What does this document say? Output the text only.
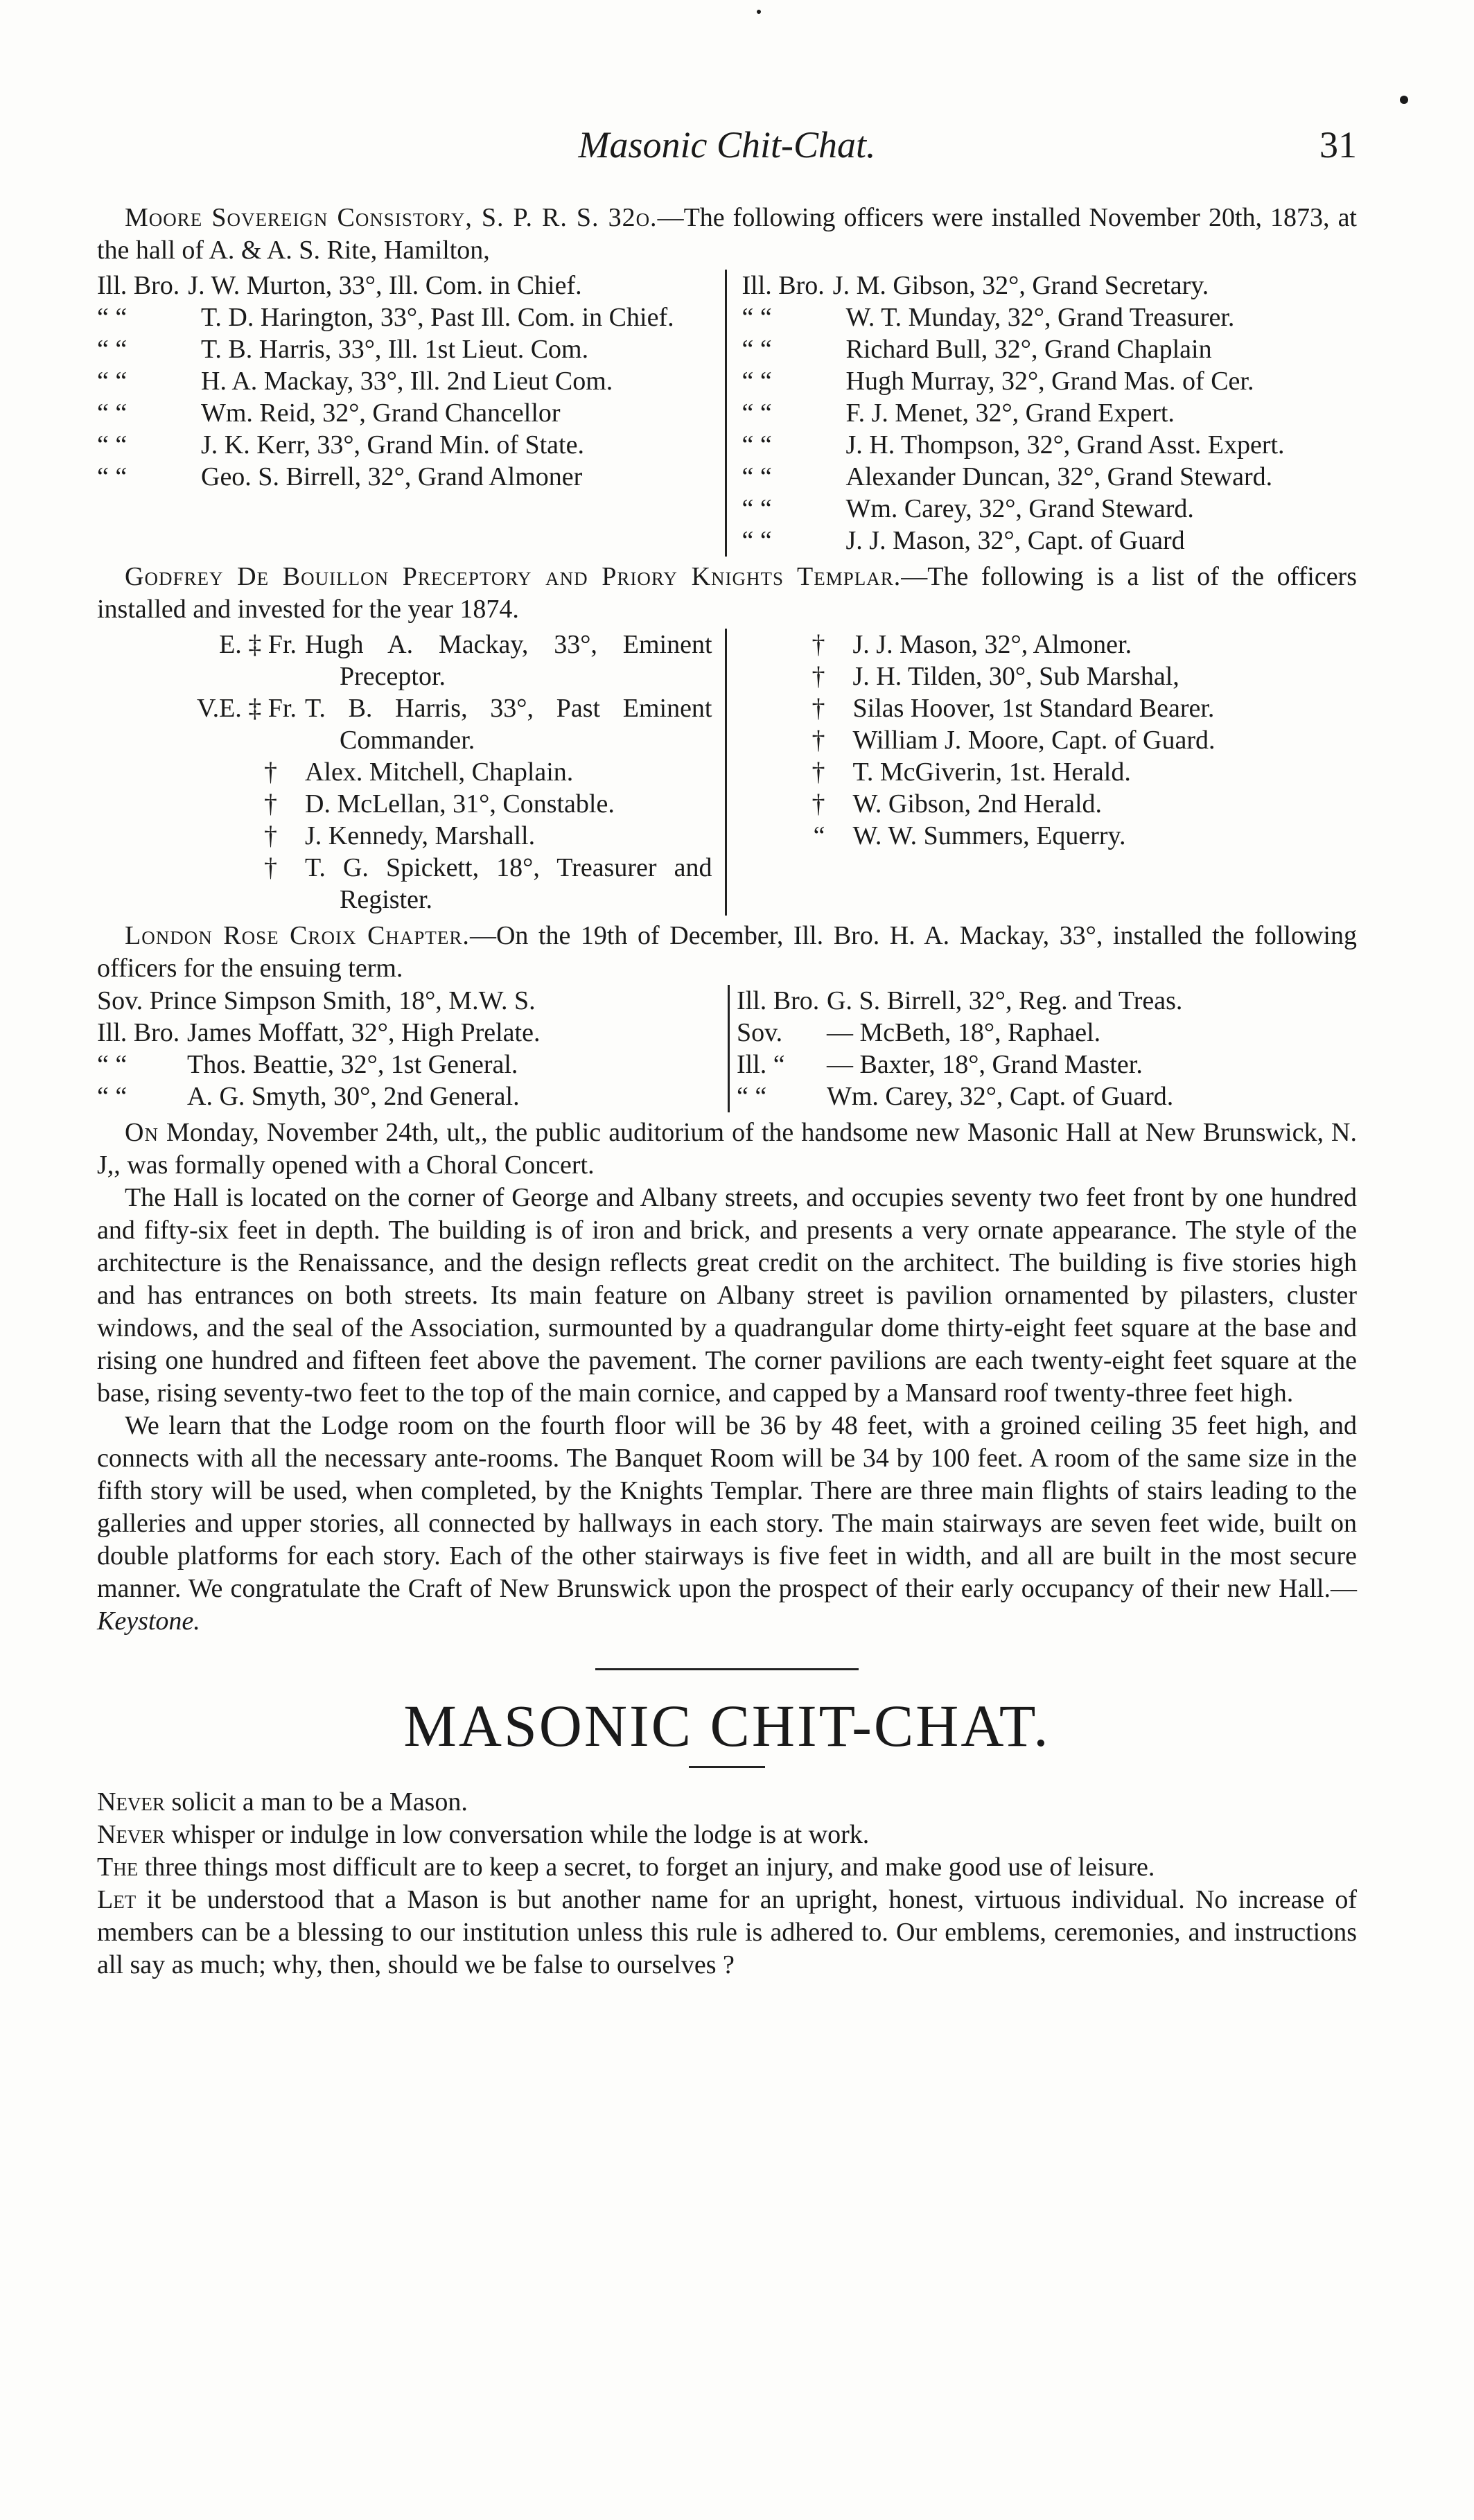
Masonic Chit-Chat.	31

Moore Sovereign Consistory, S. P. R. S. 32o.—The following officers were installed November 20th, 1873, at the hall of A. & A. S. Rite, Hamilton,

Ill. Bro. J. W. Murton, 33°, Ill. Com. in Chief.
“ “	T. D. Harington, 33°, Past Ill. Com. in Chief.
“ “	T. B. Harris, 33°, Ill. 1st Lieut. Com.
“ “	H. A. Mackay, 33°, Ill. 2nd Lieut Com.
“ “	Wm. Reid, 32°, Grand Chancellor
“ “	J. K. Kerr, 33°, Grand Min. of State.
“ “	Geo. S. Birrell, 32°, Grand Almoner
Ill. Bro. J. M. Gibson, 32°, Grand Secretary.
“ “	W. T. Munday, 32°, Grand Treasurer.
“ “	Richard Bull, 32°, Grand Chaplain
“ “	Hugh Murray, 32°, Grand Mas. of Cer.
“ “	F. J. Menet, 32°, Grand Expert.
“ “	J. H. Thompson, 32°, Grand Asst. Expert.
“ “	Alexander Duncan, 32°, Grand Steward.
“ “	Wm. Carey, 32°, Grand Steward.
“ “	J. J. Mason, 32°, Capt. of Guard

Godfrey De Bouillon Preceptory and Priory Knights Templar.—The following is a list of the officers installed and invested for the year 1874.

E. ‡ Fr. Hugh A. Mackay, 33°, Eminent Preceptor.
V.E. ‡ Fr. T. B. Harris, 33°, Past Eminent Commander.
†	Alex. Mitchell, Chaplain.
†	D. McLellan, 31°, Constable.
†	J. Kennedy, Marshall.
†	T. G. Spickett, 18°, Treasurer and Register.
†	J. J. Mason, 32°, Almoner.
†	J. H. Tilden, 30°, Sub Marshal,
†	Silas Hoover, 1st Standard Bearer.
†	William J. Moore, Capt. of Guard.
†	T. McGiverin, 1st. Herald.
†	W. Gibson, 2nd Herald.
“	W. W. Summers, Equerry.

London Rose Croix Chapter.—On the 19th of December, Ill. Bro. H. A. Mackay, 33°, installed the following officers for the ensuing term.

Sov. Prince Simpson Smith, 18°, M.W. S.
Ill. Bro. James Moffatt, 32°, High Prelate.
“ “	Thos. Beattie, 32°, 1st General.
“ “	A. G. Smyth, 30°, 2nd General.
Ill. Bro. G. S. Birrell, 32°, Reg. and Treas.
Sov.	— McBeth, 18°, Raphael.
Ill. “	— Baxter, 18°, Grand Master.
“ “	Wm. Carey, 32°, Capt. of Guard.

On Monday, November 24th, ult,, the public auditorium of the handsome new Masonic Hall at New Brunswick, N. J,, was formally opened with a Choral Concert.

The Hall is located on the corner of George and Albany streets, and occupies seventy two feet front by one hundred and fifty-six feet in depth. The building is of iron and brick, and presents a very ornate appearance. The style of the architecture is the Renaissance, and the design reflects great credit on the architect. The building is five stories high and has entrances on both streets. Its main feature on Albany street is pavilion ornamented by pilasters, cluster windows, and the seal of the Association, surmounted by a quadrangular dome thirty-eight feet square at the base and rising one hundred and fifteen feet above the pavement. The corner pavilions are each twenty-eight feet square at the base, rising seventy-two feet to the top of the main cornice, and capped by a Mansard roof twenty-three feet high.

We learn that the Lodge room on the fourth floor will be 36 by 48 feet, with a groined ceiling 35 feet high, and connects with all the necessary ante-rooms. The Banquet Room will be 34 by 100 feet. A room of the same size in the fifth story will be used, when completed, by the Knights Templar. There are three main flights of stairs leading to the galleries and upper stories, all connected by hallways in each story. The main stairways are seven feet wide, built on double platforms for each story. Each of the other stairways is five feet in width, and all are built in the most secure manner. We congratulate the Craft of New Brunswick upon the prospect of their early occupancy of their new Hall.—Keystone.

MASONIC CHIT-CHAT.

Never solicit a man to be a Mason.

Never whisper or indulge in low conversation while the lodge is at work.

The three things most difficult are to keep a secret, to forget an injury, and make good use of leisure.

Let it be understood that a Mason is but another name for an upright, honest, virtuous individual. No increase of members can be a blessing to our institution unless this rule is adhered to. Our emblems, ceremonies, and instructions all say as much; why, then, should we be false to ourselves ?
